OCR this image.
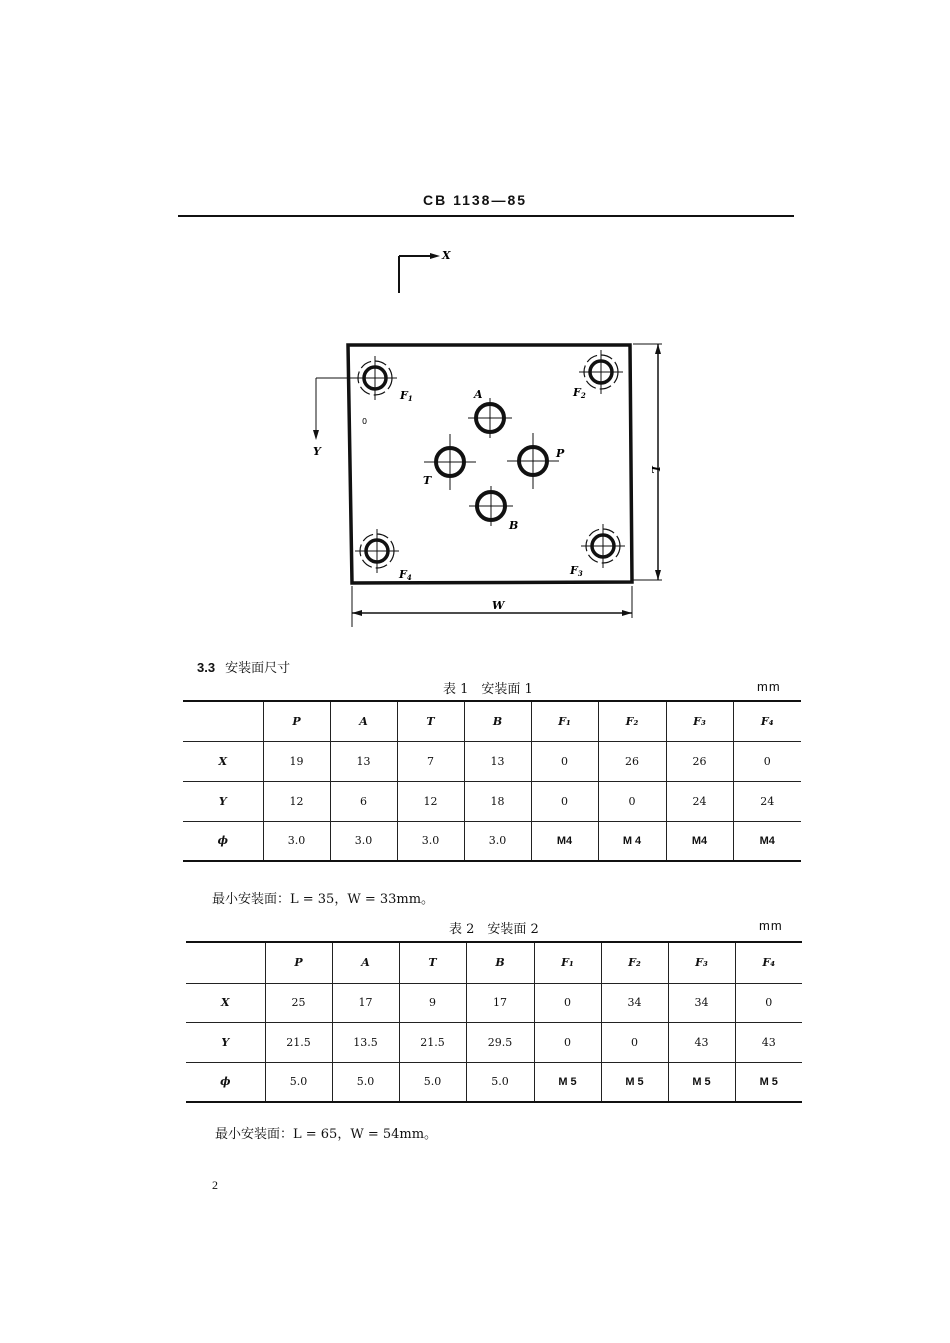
CB 1138—85
X
Y
0
L
W
F1	F2
F3
F4
A
T
P
B
3.3 安装面尺寸
表 1　安装面 1	mm
	P	A	T	B	F₁	F₂	F₃	F₄
X	19	13	7	13	0	26	26	0
Y	12	6	12	18	0	0	24	24
ϕ	3.0	3.0	3.0	3.0	M4	M 4	M4	M4
最小安装面：L = 35，W = 33mm。
表 2　安装面 2	mm
	P	A	T	B	F₁	F₂	F₃	F₄
X	25	17	9	17	0	34	34	0
Y	21.5	13.5	21.5	29.5	0	0	43	43
ϕ	5.0	5.0	5.0	5.0	M 5	M 5	M 5	M 5
最小安装面：L = 65，W = 54mm。
2
